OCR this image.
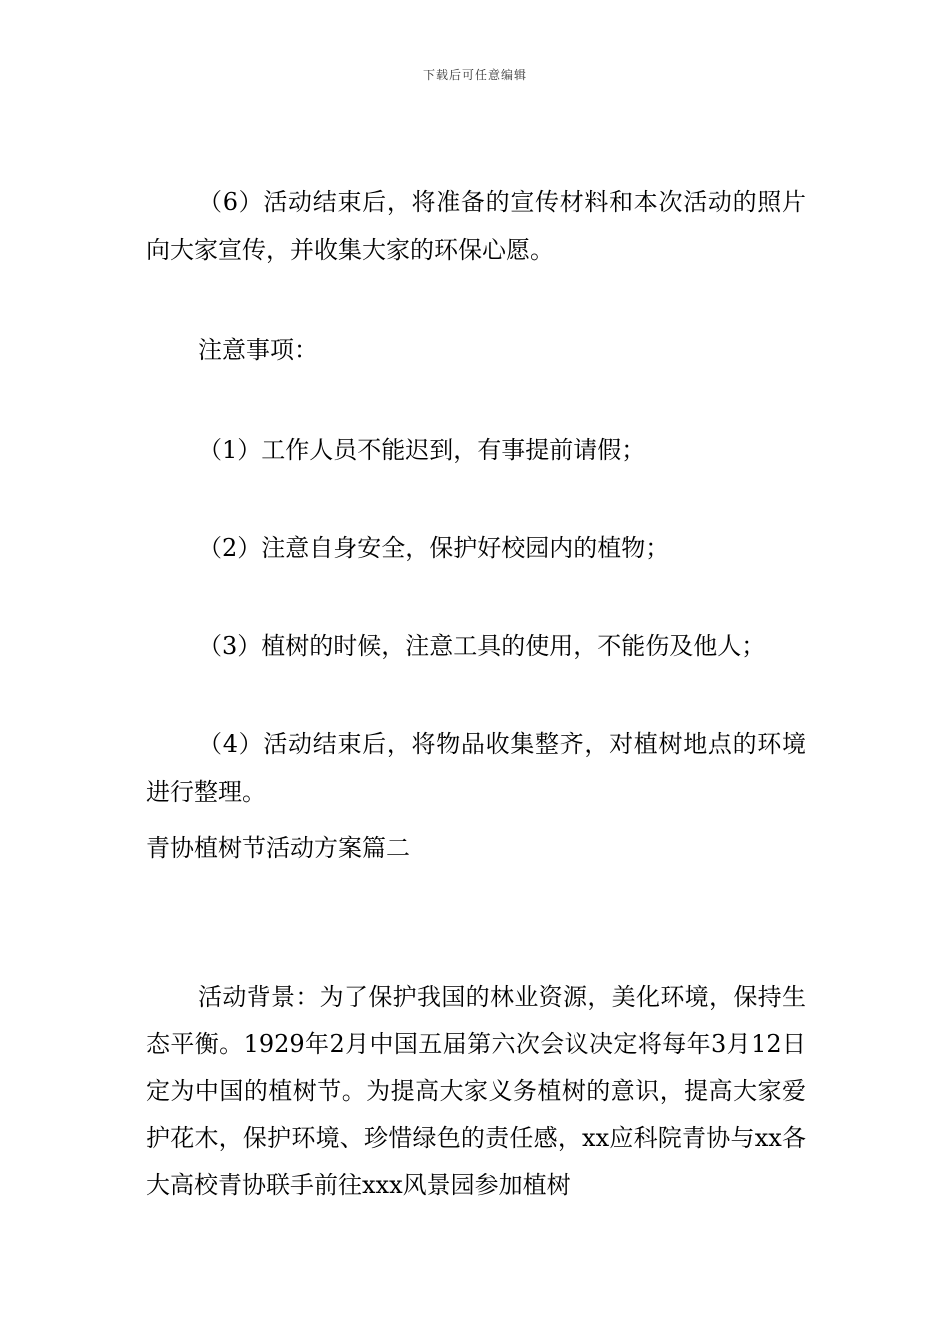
下载后可任意编辑

（6）活动结束后，将准备的宣传材料和本次活动的照片向大家宣传，并收集大家的环保心愿。

注意事项：

（1）工作人员不能迟到，有事提前请假；

（2）注意自身安全，保护好校园内的植物；

（3）植树的时候，注意工具的使用，不能伤及他人；

（4）活动结束后，将物品收集整齐，对植树地点的环境进行整理。

青协植树节活动方案篇二

活动背景：为了保护我国的林业资源，美化环境，保持生态平衡。1929年2月中国五届第六次会议决定将每年3月12日定为中国的植树节。为提高大家义务植树的意识，提高大家爱护花木，保护环境、珍惜绿色的责任感，xx应科院青协与xx各大高校青协联手前往xxx风景园参加植树
